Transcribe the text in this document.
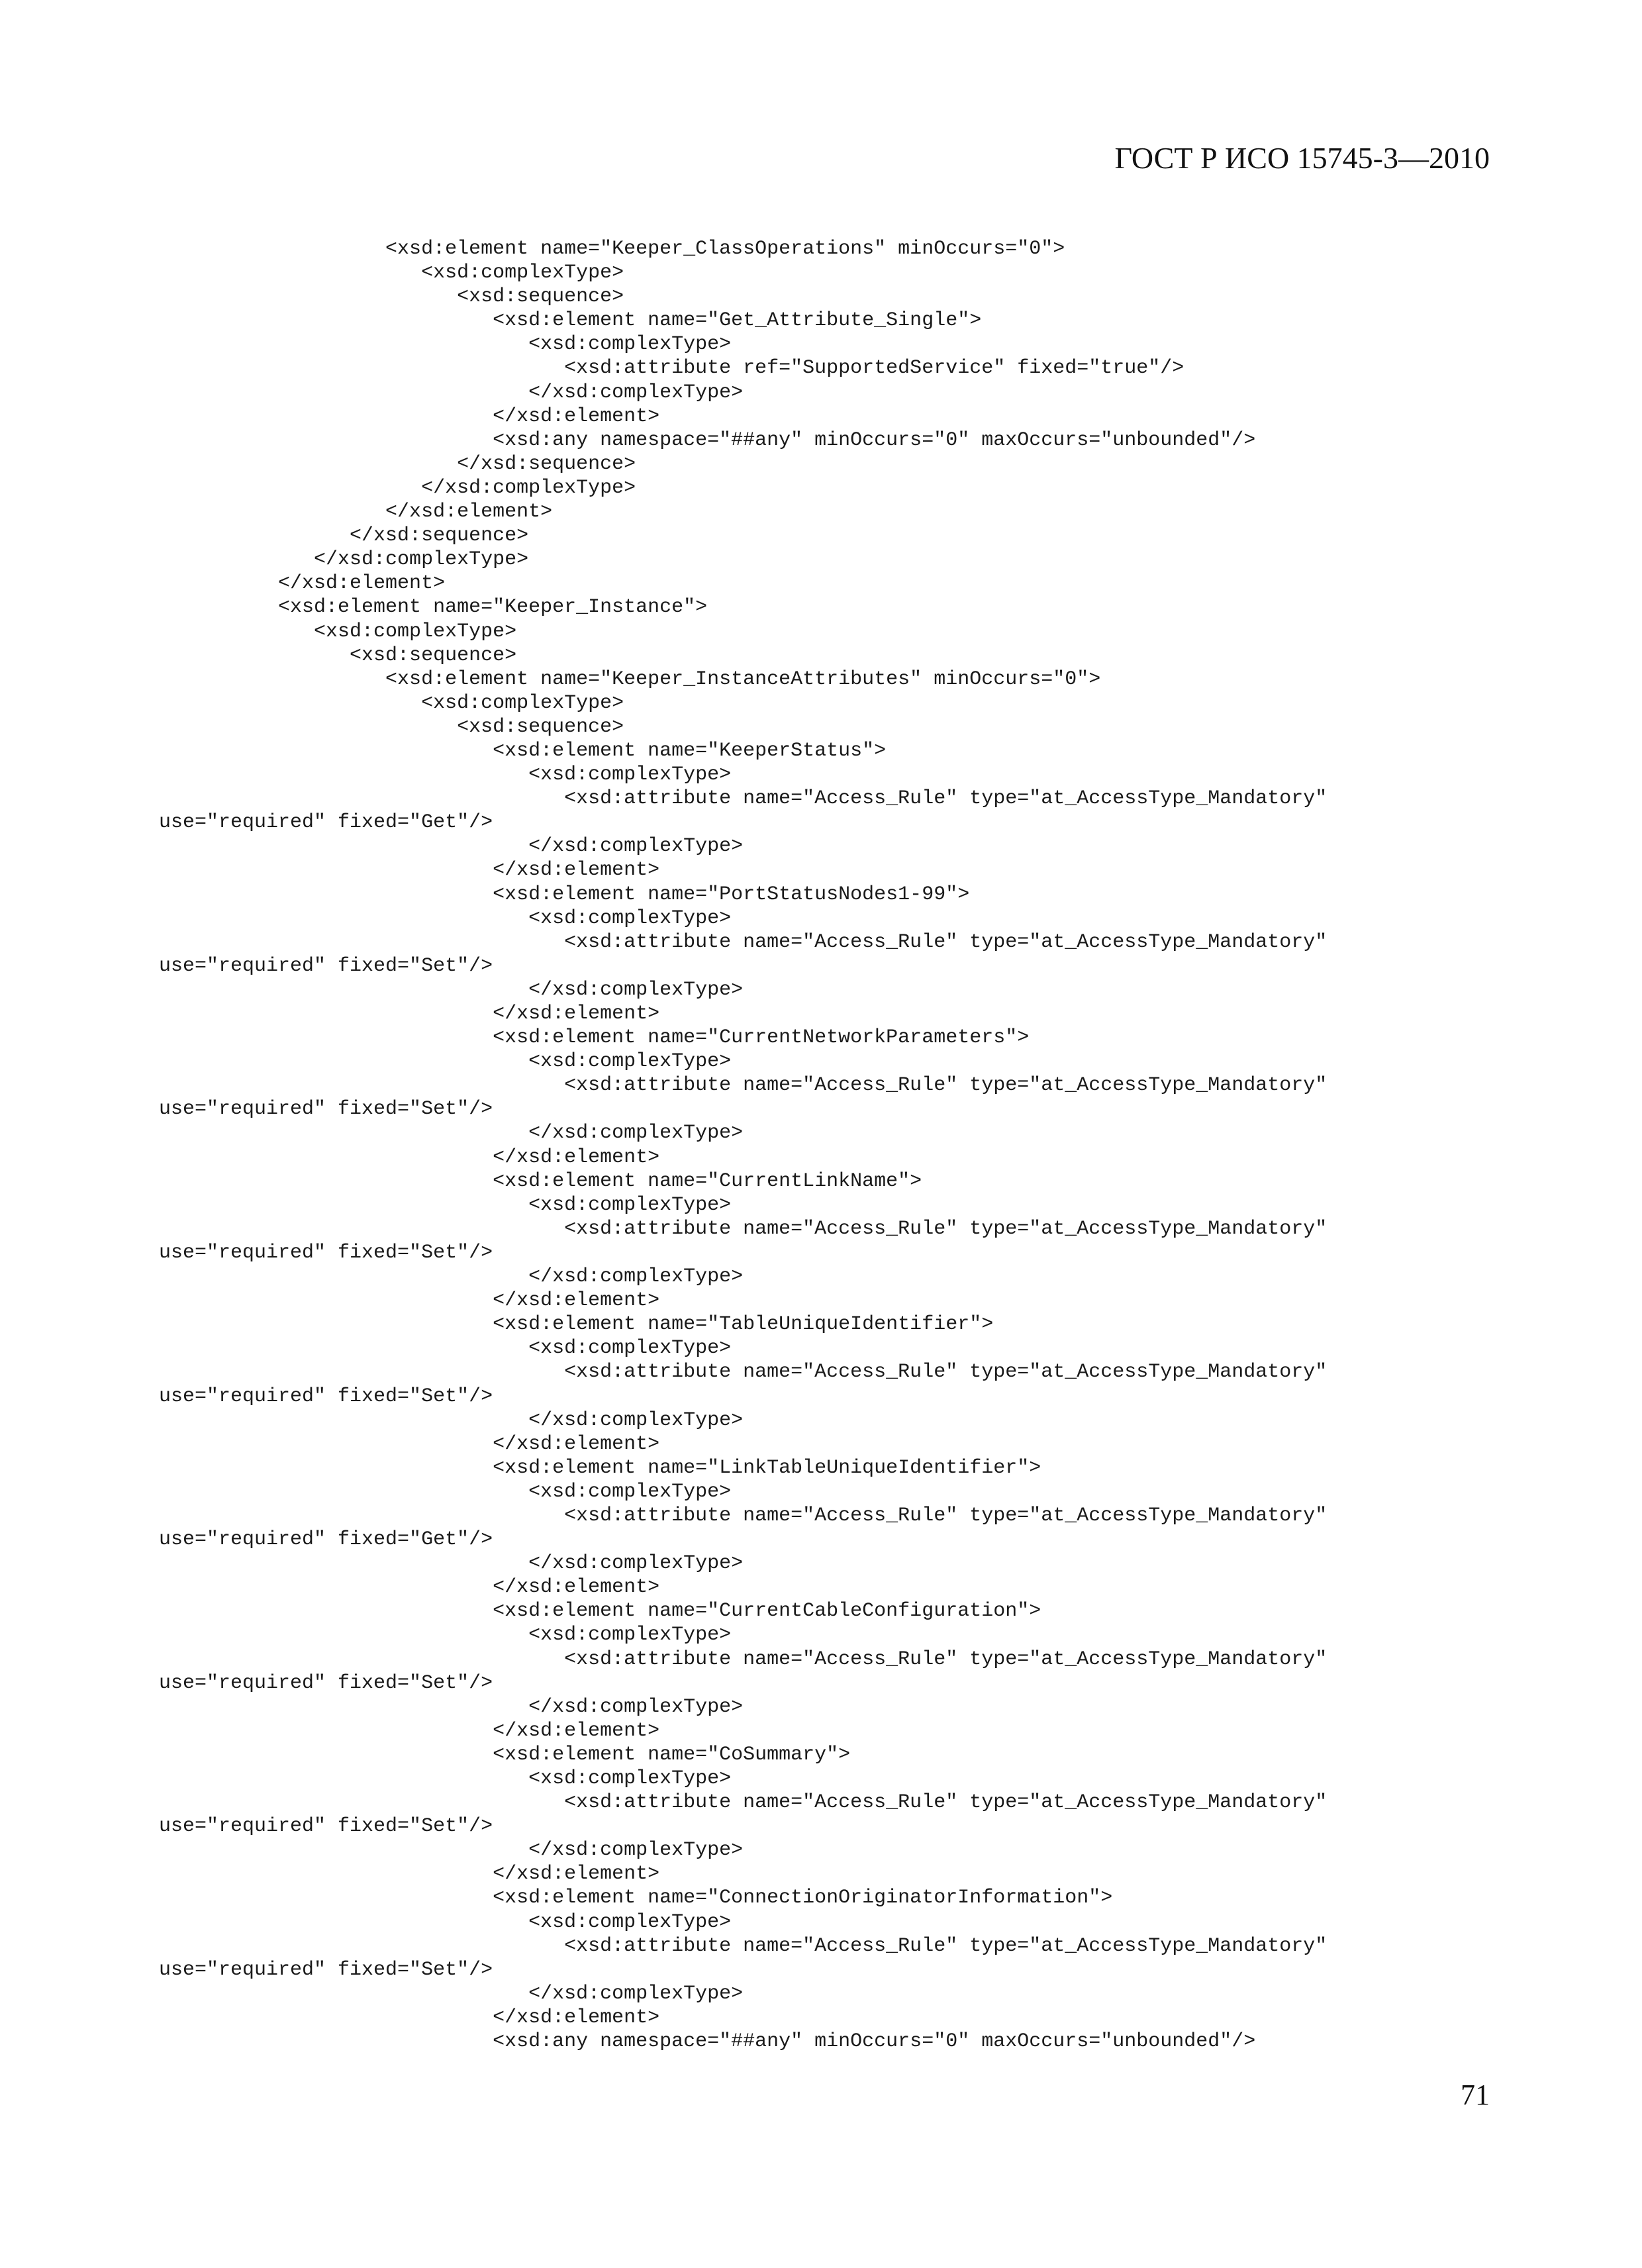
ГОСТ Р ИСО 15745-3—2010
<xsd:element name="Keeper_ClassOperations" minOccurs="0">
<xsd:complexType>
<xsd:sequence>
<xsd:element name="Get_Attribute_Single">
<xsd:complexType>
<xsd:attribute ref="SupportedService" fixed="true"/>
</xsd:complexType>
</xsd:element>
<xsd:any namespace="##any" minOccurs="0" maxOccurs="unbounded"/>
</xsd:sequence>
</xsd:complexType>
</xsd:element>
</xsd:sequence>
</xsd:complexType>
</xsd:element>
<xsd:element name="Keeper_Instance">
<xsd:complexType>
<xsd:sequence>
<xsd:element name="Keeper_InstanceAttributes" minOccurs="0">
<xsd:complexType>
<xsd:sequence>
<xsd:element name="KeeperStatus">
<xsd:complexType>
<xsd:attribute name="Access_Rule" type="at_AccessType_Mandatory"
use="required" fixed="Get"/>
</xsd:complexType>
</xsd:element>
<xsd:element name="PortStatusNodes1-99">
<xsd:complexType>
<xsd:attribute name="Access_Rule" type="at_AccessType_Mandatory"
use="required" fixed="Set"/>
</xsd:complexType>
</xsd:element>
<xsd:element name="CurrentNetworkParameters">
<xsd:complexType>
<xsd:attribute name="Access_Rule" type="at_AccessType_Mandatory"
use="required" fixed="Set"/>
</xsd:complexType>
</xsd:element>
<xsd:element name="CurrentLinkName">
<xsd:complexType>
<xsd:attribute name="Access_Rule" type="at_AccessType_Mandatory"
use="required" fixed="Set"/>
</xsd:complexType>
</xsd:element>
<xsd:element name="TableUniqueIdentifier">
<xsd:complexType>
<xsd:attribute name="Access_Rule" type="at_AccessType_Mandatory"
use="required" fixed="Set"/>
</xsd:complexType>
</xsd:element>
<xsd:element name="LinkTableUniqueIdentifier">
<xsd:complexType>
<xsd:attribute name="Access_Rule" type="at_AccessType_Mandatory"
use="required" fixed="Get"/>
</xsd:complexType>
</xsd:element>
<xsd:element name="CurrentCableConfiguration">
<xsd:complexType>
<xsd:attribute name="Access_Rule" type="at_AccessType_Mandatory"
use="required" fixed="Set"/>
</xsd:complexType>
</xsd:element>
<xsd:element name="CoSummary">
<xsd:complexType>
<xsd:attribute name="Access_Rule" type="at_AccessType_Mandatory"
use="required" fixed="Set"/>
</xsd:complexType>
</xsd:element>
<xsd:element name="ConnectionOriginatorInformation">
<xsd:complexType>
<xsd:attribute name="Access_Rule" type="at_AccessType_Mandatory"
use="required" fixed="Set"/>
</xsd:complexType>
</xsd:element>
<xsd:any namespace="##any" minOccurs="0" maxOccurs="unbounded"/>
71
